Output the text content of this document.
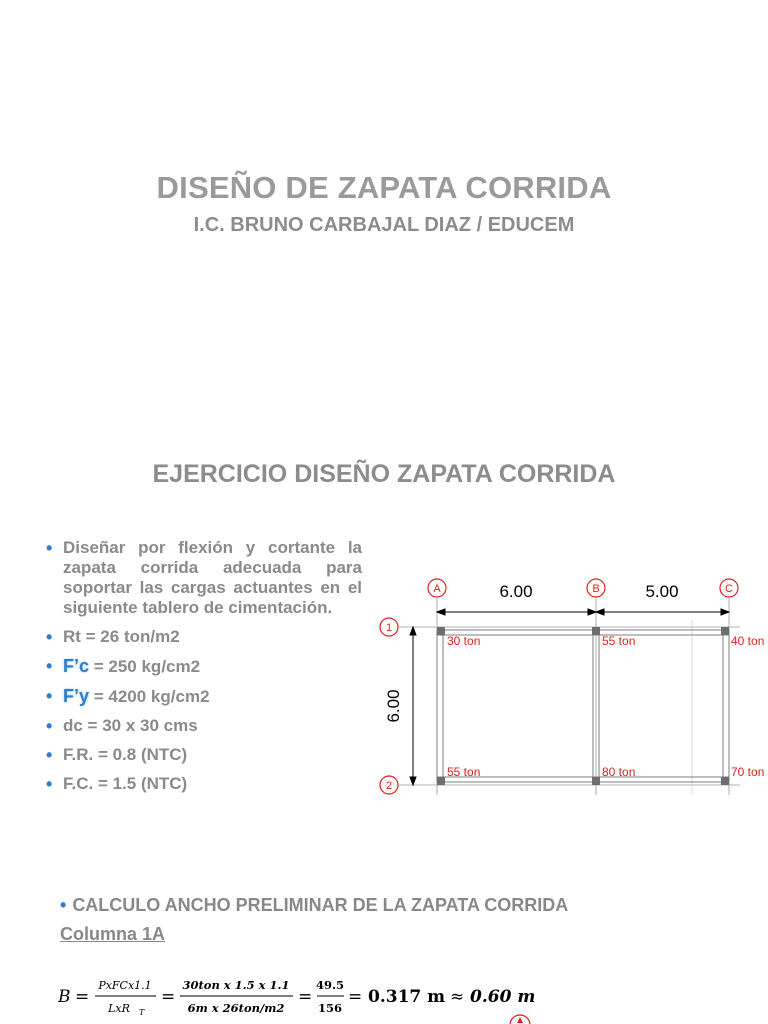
DISEÑO DE ZAPATA CORRIDA
I.C. BRUNO CARBAJAL DIAZ / EDUCEM
EJERCICIO DISEÑO ZAPATA CORRIDA
• Diseñar por flexión y cortante la zapata corrida adecuada para soportar las cargas actuantes en el siguiente tablero de cimentación.
• Rt = 26 ton/m2
• F’c = 250 kg/cm2
• F’y = 4200 kg/cm2
• dc = 30 x 30 cms
• F.R. = 0.8 (NTC)
• F.C. = 1.5 (NTC)
A	B	C
1
2
6.00	5.00
6.00
30 ton	55 ton	40 ton
55 ton	80 ton	70 ton
• CALCULO ANCHO PRELIMINAR DE LA ZAPATA CORRIDA
Columna 1A
B =
PxFCx1.1
LxR T
=
30ton x 1.5 x 1.1
6m x 26ton/m2
=
49.5
156
= 0.317 m ≈ 0.60 m
